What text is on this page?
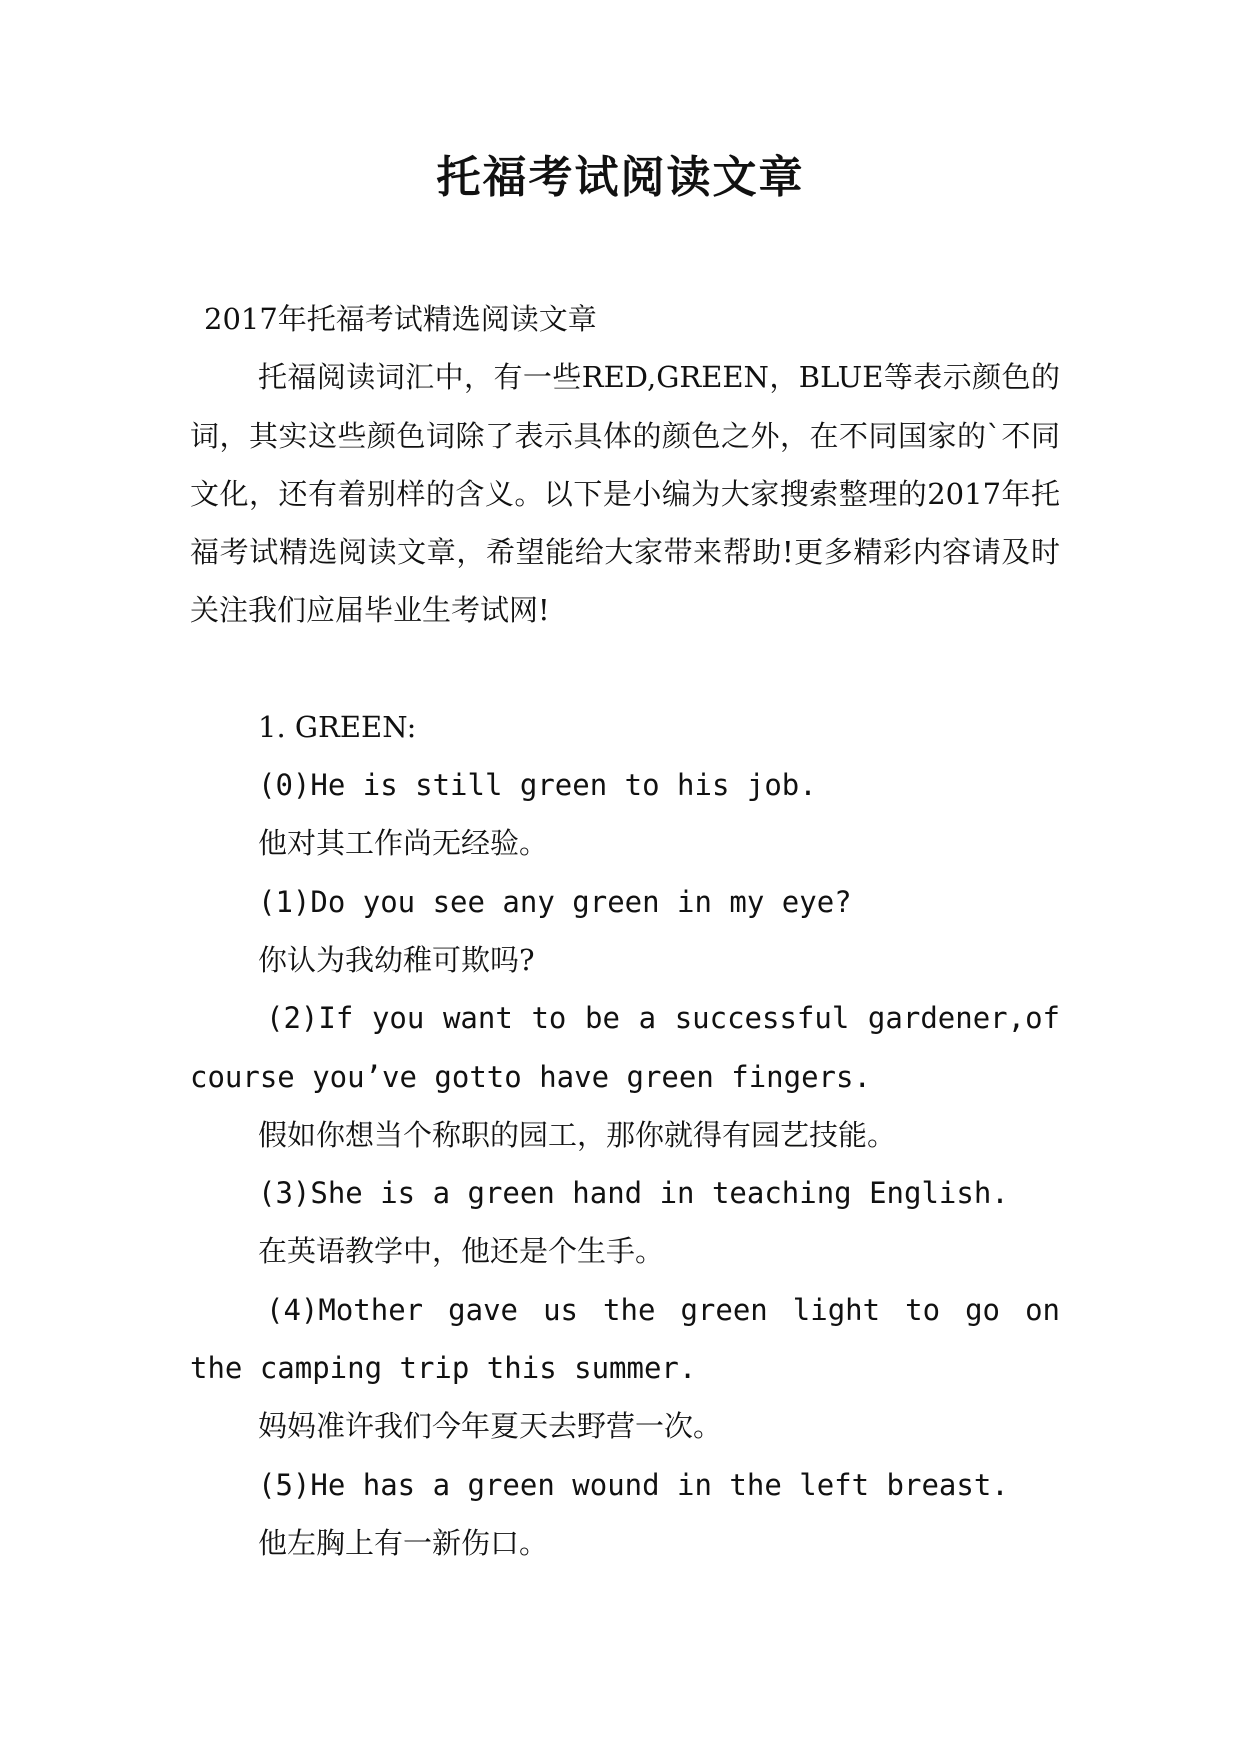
托福考试阅读文章

2017年托福考试精选阅读文章

托福阅读词汇中，有一些RED,GREEN，BLUE等表示颜色的词，其实这些颜色词除了表示具体的颜色之外，在不同国家的`不同文化，还有着别样的含义。以下是小编为大家搜索整理的2017年托福考试精选阅读文章，希望能给大家带来帮助!更多精彩内容请及时关注我们应届毕业生考试网!

1. GREEN:

(0)He is still green to his job.

他对其工作尚无经验。

(1)Do you see any green in my eye?

你认为我幼稚可欺吗?

(2)If you want to be a successful gardener,of course you’ve gotto have green fingers.

假如你想当个称职的园工，那你就得有园艺技能。

(3)She is a green hand in teaching English.

在英语教学中，他还是个生手。

(4)Mother gave us the green light to go on the camping trip this summer.

妈妈准许我们今年夏天去野营一次。

(5)He has a green wound in the left breast.

他左胸上有一新伤口。
